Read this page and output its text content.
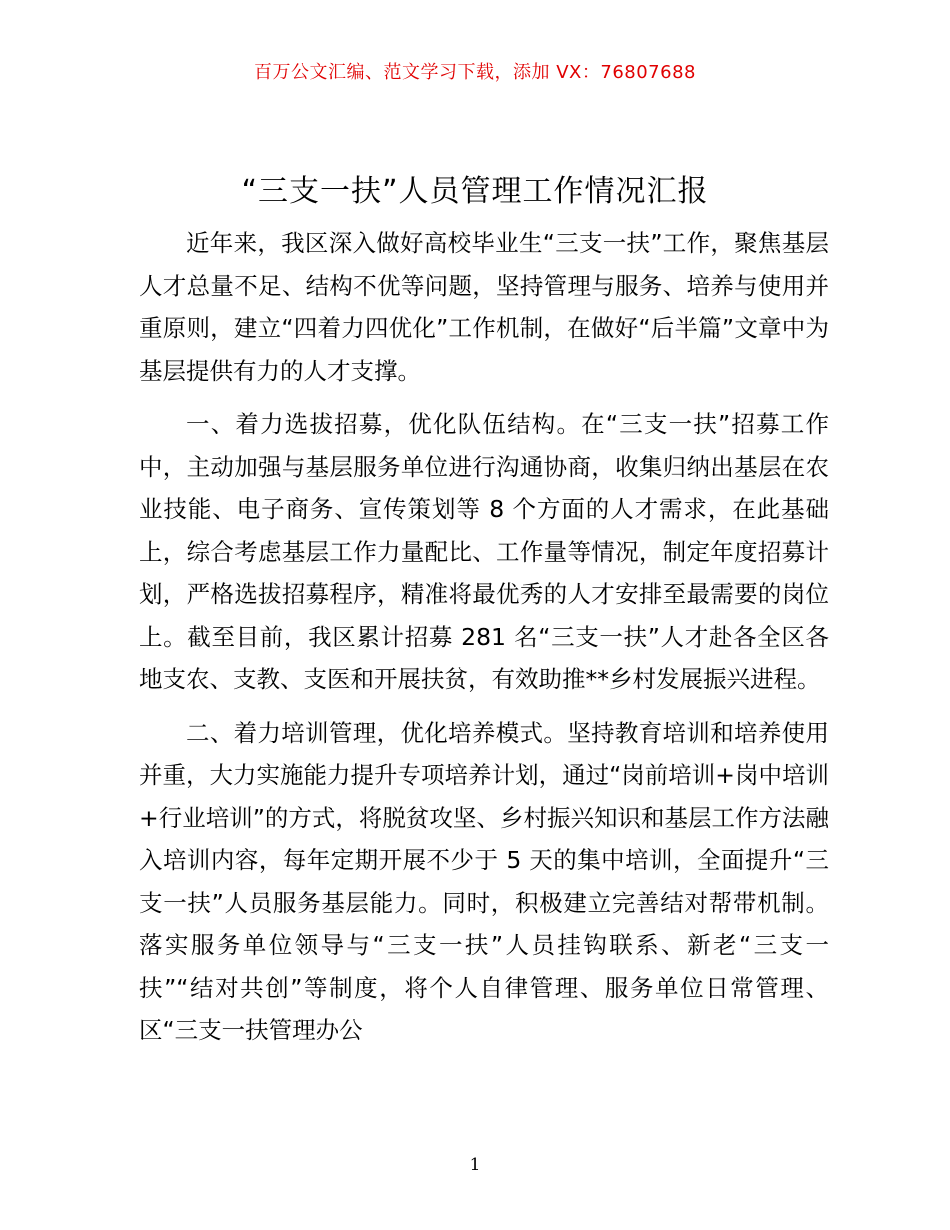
百万公文汇编、范文学习下载，添加 VX：76807688
“三支一扶”人员管理工作情况汇报

近年来，我区深入做好高校毕业生“三支一扶”工作，聚焦基层人才总量不足、结构不优等问题，坚持管理与服务、培养与使用并重原则，建立“四着力四优化”工作机制，在做好“后半篇”文章中为基层提供有力的人才支撑。

一、着力选拔招募，优化队伍结构。在“三支一扶”招募工作中，主动加强与基层服务单位进行沟通协商，收集归纳出基层在农业技能、电子商务、宣传策划等 8 个方面的人才需求，在此基础上，综合考虑基层工作力量配比、工作量等情况，制定年度招募计划，严格选拔招募程序，精准将最优秀的人才安排至最需要的岗位上。截至目前，我区累计招募 281 名“三支一扶”人才赴各全区各地支农、支教、支医和开展扶贫，有效助推**乡村发展振兴进程。

二、着力培训管理，优化培养模式。坚持教育培训和培养使用并重，大力实施能力提升专项培养计划，通过“岗前培训+岗中培训+行业培训”的方式，将脱贫攻坚、乡村振兴知识和基层工作方法融入培训内容，每年定期开展不少于 5 天的集中培训，全面提升“三支一扶”人员服务基层能力。同时，积极建立完善结对帮带机制。落实服务单位领导与“三支一扶”人员挂钩联系、新老“三支一扶”“结对共创”等制度，将个人自律管理、服务单位日常管理、区“三支一扶管理办公

1
